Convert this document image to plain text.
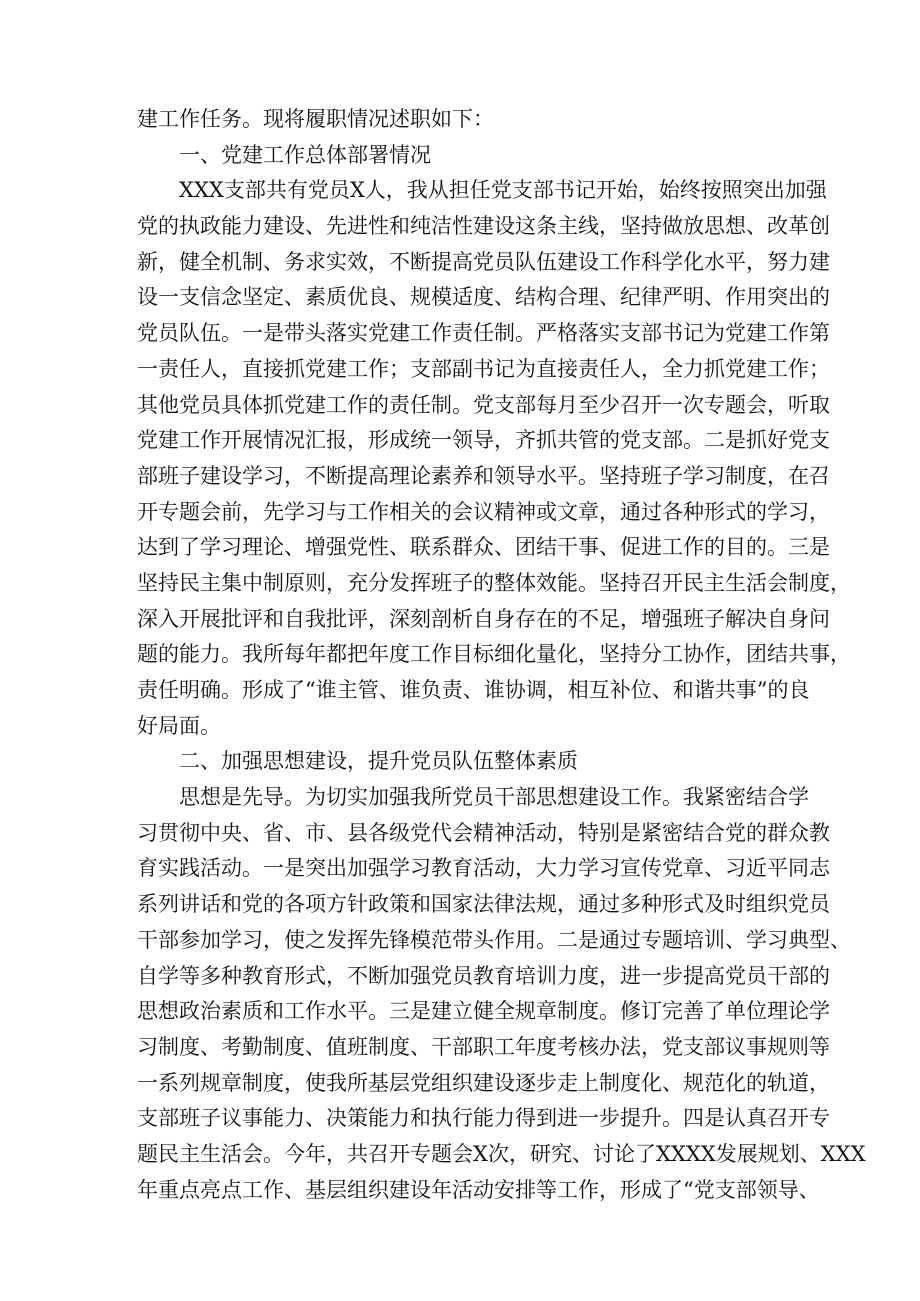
建工作任务。现将履职情况述职如下：
一、党建工作总体部署情况
XXX支部共有党员X人，我从担任党支部书记开始，始终按照突出加强
党的执政能力建设、先进性和纯洁性建设这条主线，坚持做放思想、改革创
新，健全机制、务求实效，不断提高党员队伍建设工作科学化水平，努力建
设一支信念坚定、素质优良、规模适度、结构合理、纪律严明、作用突出的
党员队伍。一是带头落实党建工作责任制。严格落实支部书记为党建工作第
一责任人，直接抓党建工作；支部副书记为直接责任人，全力抓党建工作；
其他党员具体抓党建工作的责任制。党支部每月至少召开一次专题会，听取
党建工作开展情况汇报，形成统一领导，齐抓共管的党支部。二是抓好党支
部班子建设学习，不断提高理论素养和领导水平。坚持班子学习制度，在召
开专题会前，先学习与工作相关的会议精神或文章，通过各种形式的学习，
达到了学习理论、增强党性、联系群众、团结干事、促进工作的目的。三是
坚持民主集中制原则，充分发挥班子的整体效能。坚持召开民主生活会制度，
深入开展批评和自我批评，深刻剖析自身存在的不足，增强班子解决自身问
题的能力。我所每年都把年度工作目标细化量化，坚持分工协作，团结共事，
责任明确。形成了“谁主管、谁负责、谁协调，相互补位、和谐共事”的良
好局面。
二、加强思想建设，提升党员队伍整体素质
思想是先导。为切实加强我所党员干部思想建设工作。我紧密结合学
习贯彻中央、省、市、县各级党代会精神活动，特别是紧密结合党的群众教
育实践活动。一是突出加强学习教育活动，大力学习宣传党章、习近平同志
系列讲话和党的各项方针政策和国家法律法规，通过多种形式及时组织党员
干部参加学习，使之发挥先锋模范带头作用。二是通过专题培训、学习典型、
自学等多种教育形式，不断加强党员教育培训力度，进一步提高党员干部的
思想政治素质和工作水平。三是建立健全规章制度。修订完善了单位理论学
习制度、考勤制度、值班制度、干部职工年度考核办法，党支部议事规则等
一系列规章制度，使我所基层党组织建设逐步走上制度化、规范化的轨道，
支部班子议事能力、决策能力和执行能力得到进一步提升。四是认真召开专
题民主生活会。今年，共召开专题会X次，研究、讨论了XXXX发展规划、XXX
年重点亮点工作、基层组织建设年活动安排等工作，形成了“党支部领导、
